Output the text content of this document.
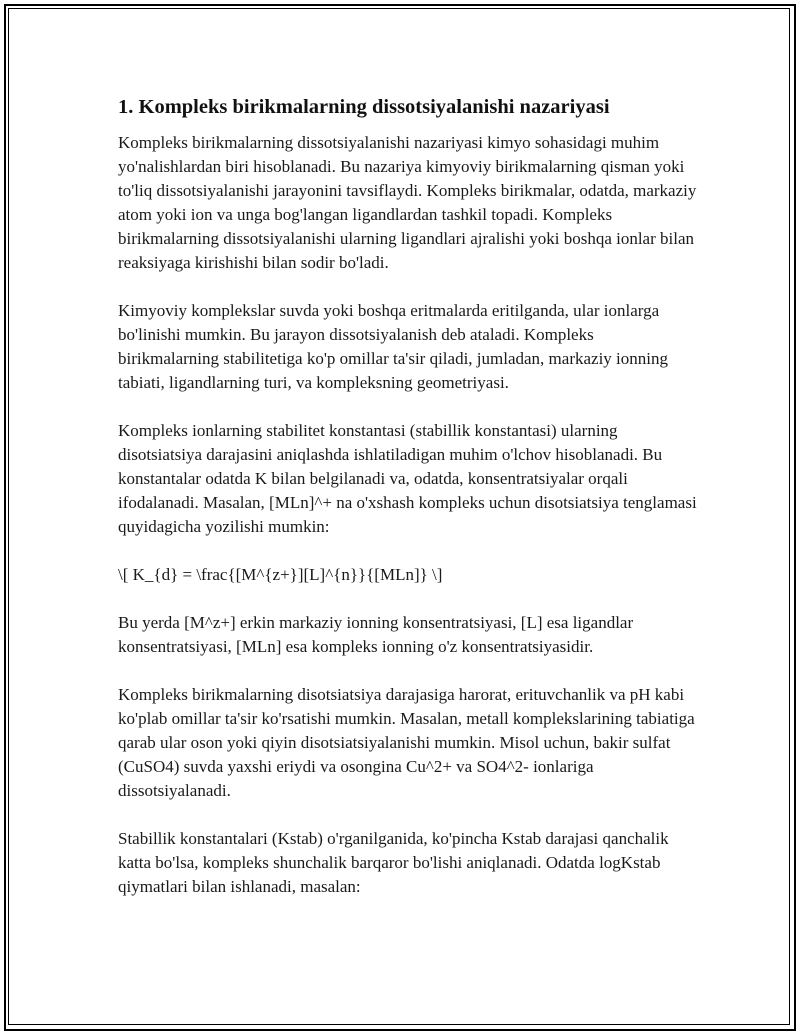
1. Kompleks birikmalarning dissotsiyalanishi nazariyasi

Kompleks birikmalarning dissotsiyalanishi nazariyasi kimyo sohasidagi muhim yo'nalishlardan biri hisoblanadi. Bu nazariya kimyoviy birikmalarning qisman yoki to'liq dissotsiyalanishi jarayonini tavsiflaydi. Kompleks birikmalar, odatda, markaziy atom yoki ion va unga bog'langan ligandlardan tashkil topadi. Kompleks birikmalarning dissotsiyalanishi ularning ligandlari ajralishi yoki boshqa ionlar bilan reaksiyaga kirishishi bilan sodir bo'ladi.

Kimyoviy komplekslar suvda yoki boshqa eritmalarda eritilganda, ular ionlarga bo'linishi mumkin. Bu jarayon dissotsiyalanish deb ataladi. Kompleks birikmalarning stabilitetiga ko'p omillar ta'sir qiladi, jumladan, markaziy ionning tabiati, ligandlarning turi, va kompleksning geometriyasi.

Kompleks ionlarning stabilitet konstantasi (stabillik konstantasi) ularning disotsiatsiya darajasini aniqlashda ishlatiladigan muhim o'lchov hisoblanadi. Bu konstantalar odatda K bilan belgilanadi va, odatda, konsentratsiyalar orqali ifodalanadi. Masalan, [MLn]^+ na o'xshash kompleks uchun disotsiatsiya tenglamasi quyidagicha yozilishi mumkin:

\[ K_{d} = \frac{[M^{z+}][L]^{n}}{[MLn]} \]

Bu yerda [M^z+] erkin markaziy ionning konsentratsiyasi, [L] esa ligandlar konsentratsiyasi, [MLn] esa kompleks ionning o'z konsentratsiyasidir.

Kompleks birikmalarning disotsiatsiya darajasiga harorat, erituvchanlik va pH kabi ko'plab omillar ta'sir ko'rsatishi mumkin. Masalan, metall komplekslarining tabiatiga qarab ular oson yoki qiyin disotsiatsiyalanishi mumkin. Misol uchun, bakir sulfat (CuSO4) suvda yaxshi eriydi va osongina Cu^2+ va SO4^2- ionlariga dissotsiyalanadi.

Stabillik konstantalari (Kstab) o'rganilganida, ko'pincha Kstab darajasi qanchalik katta bo'lsa, kompleks shunchalik barqaror bo'lishi aniqlanadi. Odatda logKstab qiymatlari bilan ishlanadi, masalan:
